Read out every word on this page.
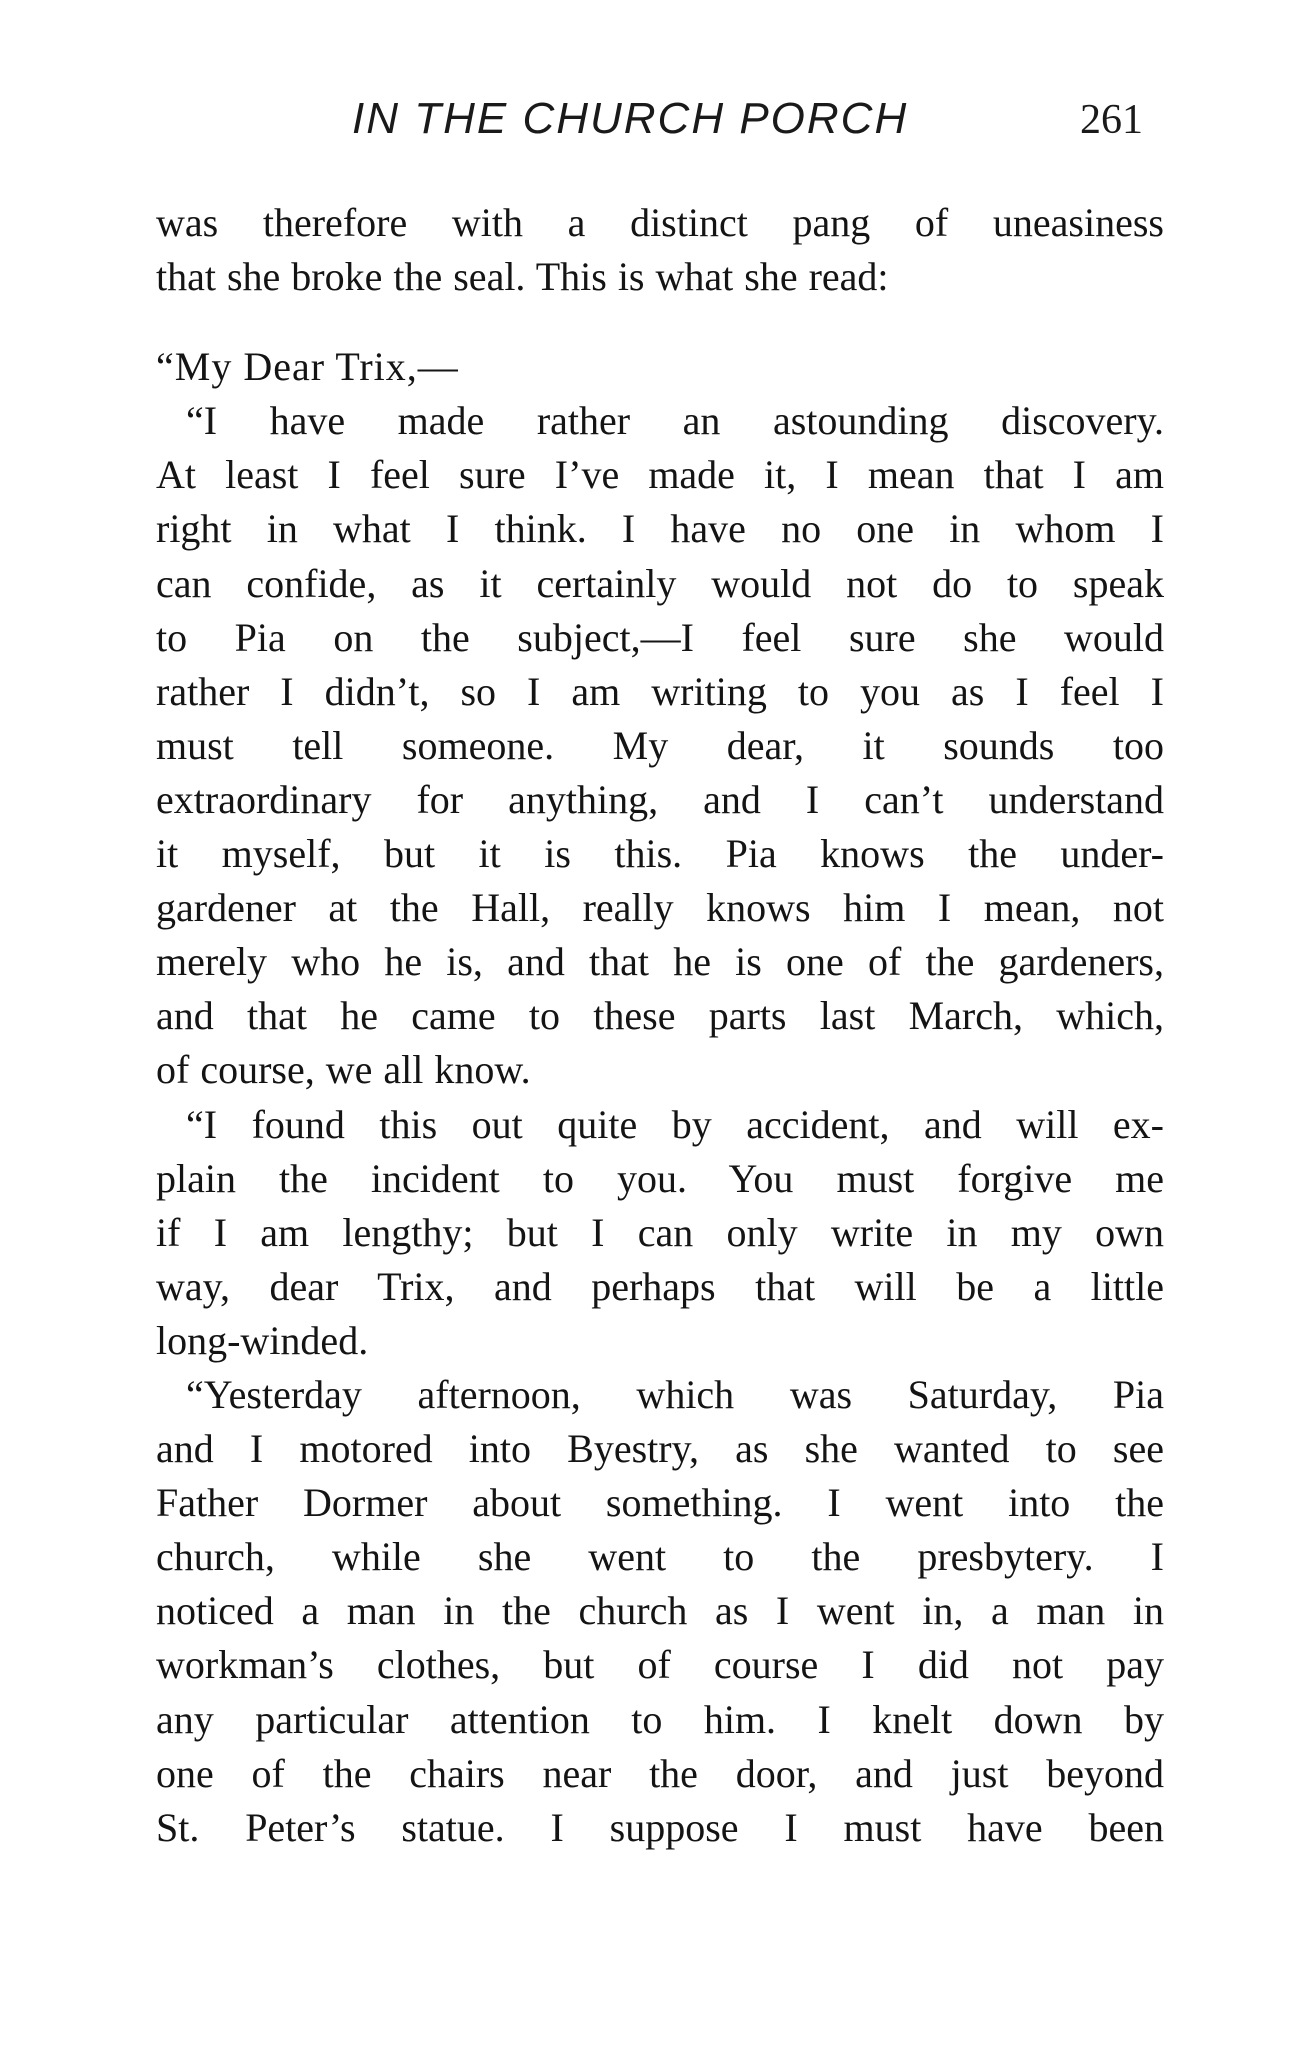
IN THE CHURCH PORCH	261
was therefore with a distinct pang of uneasiness
that she broke the seal. This is what she read:
“My Dear Trix,—
“I have made rather an astounding discovery.
At least I feel sure I’ve made it, I mean that I am
right in what I think. I have no one in whom I
can confide, as it certainly would not do to speak
to Pia on the subject,—I feel sure she would
rather I didn’t, so I am writing to you as I feel I
must tell someone. My dear, it sounds too
extraordinary for anything, and I can’t understand
it myself, but it is this. Pia knows the under-
gardener at the Hall, really knows him I mean, not
merely who he is, and that he is one of the gardeners,
and that he came to these parts last March, which,
of course, we all know.
“I found this out quite by accident, and will ex-
plain the incident to you. You must forgive me
if I am lengthy; but I can only write in my own
way, dear Trix, and perhaps that will be a little
long-winded.
“Yesterday afternoon, which was Saturday, Pia
and I motored into Byestry, as she wanted to see
Father Dormer about something. I went into the
church, while she went to the presbytery. I
noticed a man in the church as I went in, a man in
workman’s clothes, but of course I did not pay
any particular attention to him. I knelt down by
one of the chairs near the door, and just beyond
St. Peter’s statue. I suppose I must have been
